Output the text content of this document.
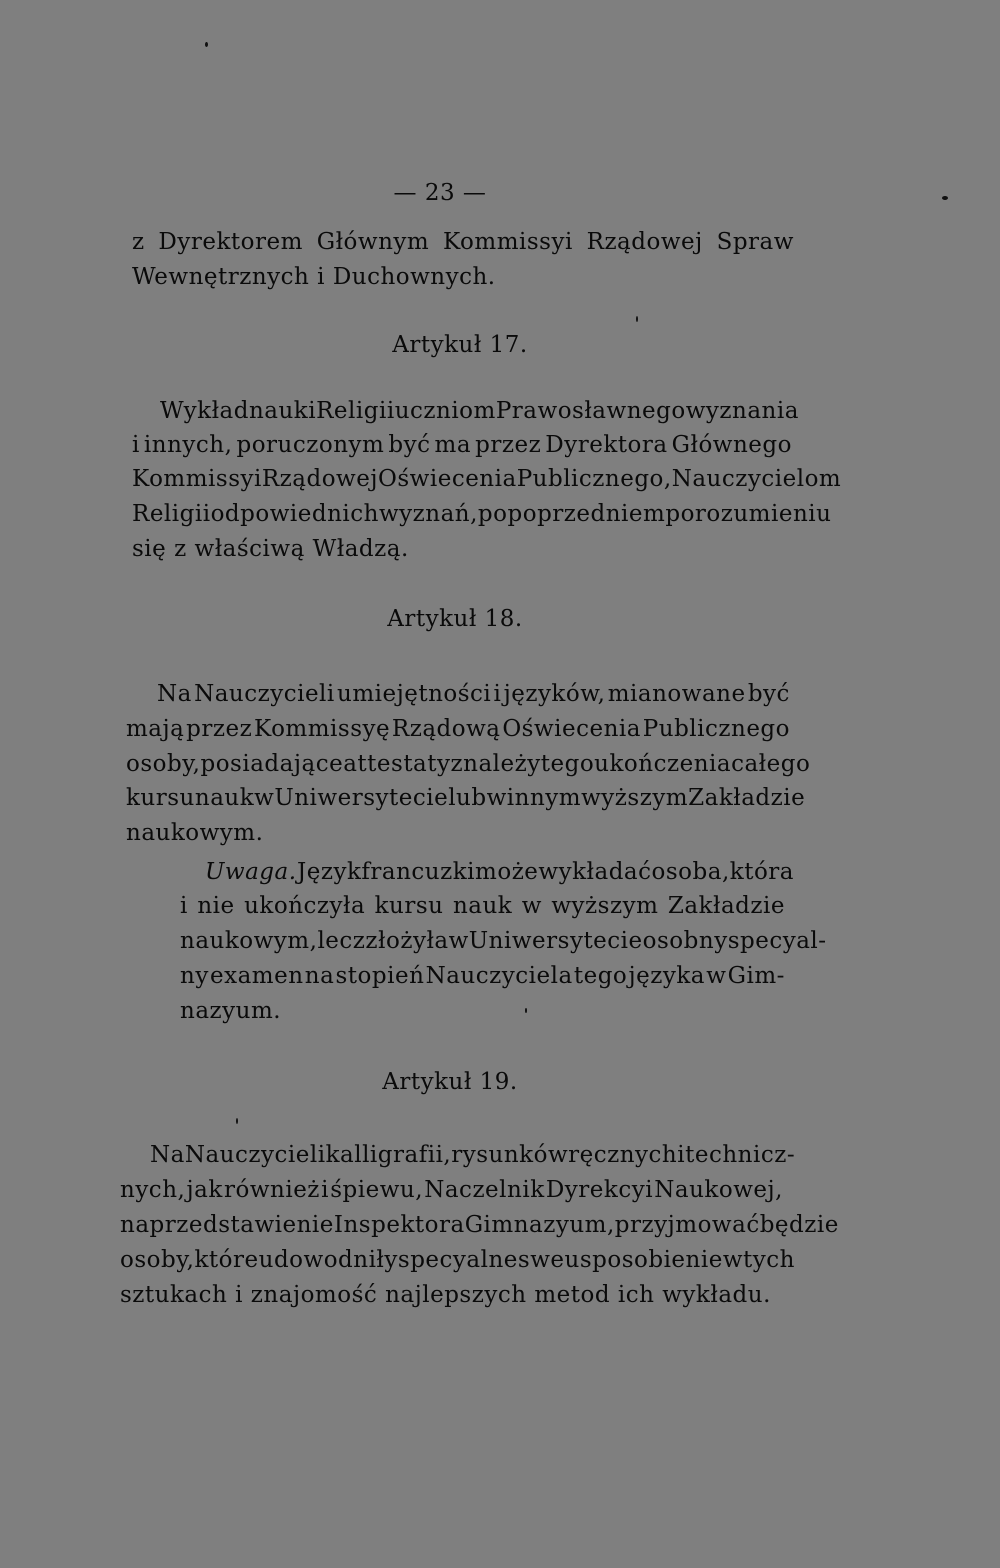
— 23 —
z Dyrektorem Głównym Kommissyi Rządowej Spraw
Wewnętrznych i Duchownych.
Artykuł 17.
Wykład nauki Religii uczniom Prawosławnego wyznania
i innych, poruczonym być ma przez Dyrektora Głównego
Kommissyi Rządowej Oświecenia Publicznego, Nauczycielom
Religii odpowiednich wyznań, po poprzedniem porozumieniu
się z właściwą Władzą.
Artykuł 18.
Na Nauczycieli umiejętności i języków, mianowane być
mają przez Kommissyę Rządową Oświecenia Publicznego
osoby, posiadające attestaty z należytego ukończenia całego
kursu nauk w Uniwersytecie lub w innym wyższym Zakładzie
naukowym.
Uwaga. Język francuzki może wykładać osoba, która
i nie ukończyła kursu nauk w wyższym Zakładzie
naukowym, lecz złożyła w Uniwersytecie osobny specyal-
ny examen na stopień Nauczyciela tego języka w Gim-
nazyum.
Artykuł 19.
Na Nauczycieli kalligrafii, rysunków ręcznych i technicz-
nych, jak również i śpiewu, Naczelnik Dyrekcyi Naukowej,
na przedstawienie Inspektora Gimnazyum, przyjmować będzie
osoby, które udowodniły specyalne swe usposobienie w tych
sztukach i znajomość najlepszych metod ich wykładu.
